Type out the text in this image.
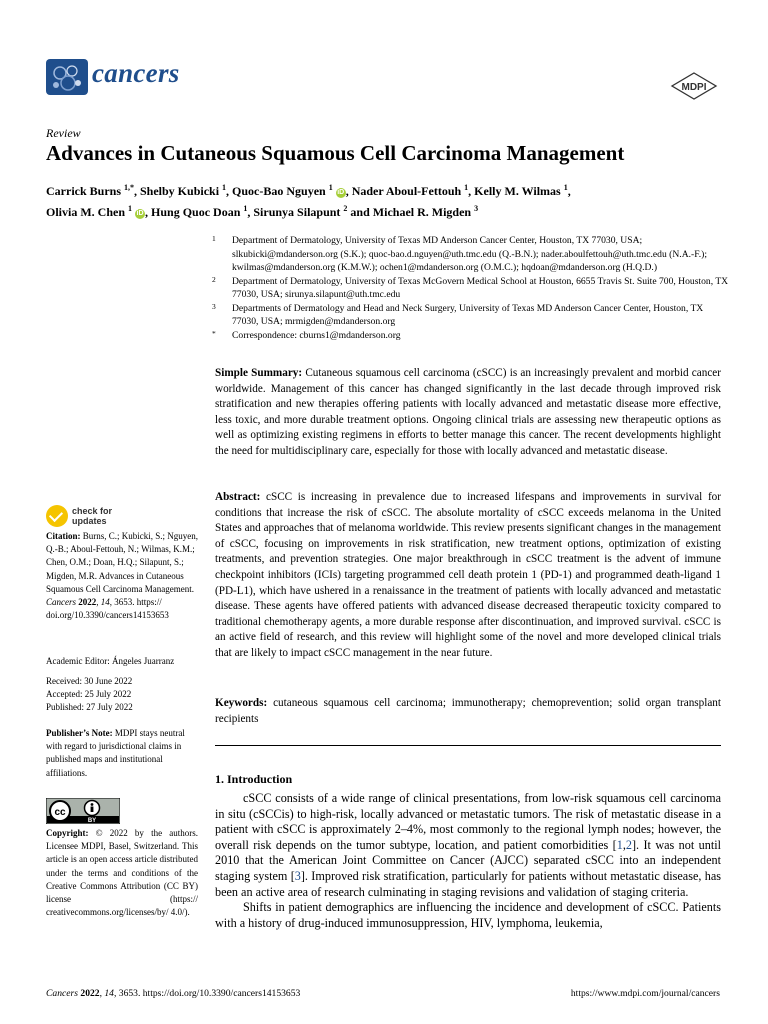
cancers	MDPI
Review
Advances in Cutaneous Squamous Cell Carcinoma Management
Carrick Burns $^{1,*}$, Shelby Kubicki $^1$, Quoc-Bao Nguyen $^1$ iD , Nader Aboul-Fettouh $^1$, Kelly M. Wilmas $^1$,
Olivia M. Chen $^1$ iD , Hung Quoc Doan $^1$, Sirunya Silapunt $^2$ and Michael R. Migden $^3$
1 Department of Dermatology, University of Texas MD Anderson Cancer Center, Houston, TX 77030, USA; slkubicki@mdanderson.org (S.K.); quoc-bao.d.nguyen@uth.tmc.edu (Q.-B.N.); nader.aboulfettouh@uth.tmc.edu (N.A.-F.); kwilmas@mdanderson.org (K.M.W.); ochen1@mdanderson.org (O.M.C.); hqdoan@mdanderson.org (H.Q.D.)
2 Department of Dermatology, University of Texas McGovern Medical School at Houston, 6655 Travis St. Suite 700, Houston, TX 77030, USA; sirunya.silapunt@uth.tmc.edu
3 Departments of Dermatology and Head and Neck Surgery, University of Texas MD Anderson Cancer Center, Houston, TX 77030, USA; mrmigden@mdanderson.org
* Correspondence: cburns1@mdanderson.org
Simple Summary: Cutaneous squamous cell carcinoma (cSCC) is an increasingly prevalent and morbid cancer worldwide. Management of this cancer has changed significantly in the last decade through improved risk stratification and new therapies offering patients with locally advanced and metastatic disease more effective, less toxic, and more durable treatment options. Ongoing clinical trials are assessing new therapeutic options as well as optimizing existing regimens in efforts to better manage this cancer. The recent developments highlight the need for multidisciplinary care, especially for those with locally advanced and metastatic disease.
Abstract: cSCC is increasing in prevalence due to increased lifespans and improvements in survival for conditions that increase the risk of cSCC. The absolute mortality of cSCC exceeds melanoma in the United States and approaches that of melanoma worldwide. This review presents significant changes in the management of cSCC, focusing on improvements in risk stratification, new treatment options, optimization of existing treatments, and prevention strategies. One major breakthrough in cSCC treatment is the advent of immune checkpoint inhibitors (ICIs) targeting programmed cell death protein 1 (PD-1) and programmed death-ligand 1 (PD-L1), which have ushered in a renaissance in the treatment of patients with locally advanced and metastatic disease. These agents have offered patients with advanced disease decreased therapeutic toxicity compared to traditional chemotherapy agents, a more durable response after discontinuation, and improved survival. cSCC is an active field of research, and this review will highlight some of the novel and more developed clinical trials that are likely to impact cSCC management in the near future.
Keywords: cutaneous squamous cell carcinoma; immunotherapy; chemoprevention; solid organ transplant recipients
1. Introduction

cSCC consists of a wide range of clinical presentations, from low-risk squamous cell carcinoma in situ (cSCCis) to high-risk, locally advanced or metastatic tumors. The risk of metastatic disease in a patient with cSCC is approximately 2–4%, most commonly to the regional lymph nodes; however, the overall risk depends on the tumor subtype, location, and patient comorbidities [1,2]. It was not until 2010 that the American Joint Committee on Cancer (AJCC) separated cSCC into an independent staging system [3]. Improved risk stratification, particularly for patients without metastatic disease, has been an active area of research culminating in staging revisions and validation of staging criteria.

Shifts in patient demographics are influencing the incidence and development of cSCC. Patients with a history of drug-induced immunosuppression, HIV, lymphoma, leukemia,

check for
updates
Citation: Burns, C.; Kubicki, S.; Nguyen, Q.-B.; Aboul-Fettouh, N.; Wilmas, K.M.; Chen, O.M.; Doan, H.Q.; Silapunt, S.; Migden, M.R. Advances in Cutaneous Squamous Cell Carcinoma Management. Cancers 2022, 14, 3653. https:// doi.org/10.3390/cancers14153653
Academic Editor: Ángeles Juarranz
Received: 30 June 2022
Accepted: 25 July 2022
Published: 27 July 2022
Publisher’s Note: MDPI stays neutral with regard to jurisdictional claims in published maps and institutional affiliations.
cc
BY
Copyright: © 2022 by the authors. Licensee MDPI, Basel, Switzerland. This article is an open access article distributed under the terms and conditions of the Creative Commons Attribution (CC BY) license (https:// creativecommons.org/licenses/by/ 4.0/).
Cancers 2022, 14, 3653. https://doi.org/10.3390/cancers14153653	https://www.mdpi.com/journal/cancers
